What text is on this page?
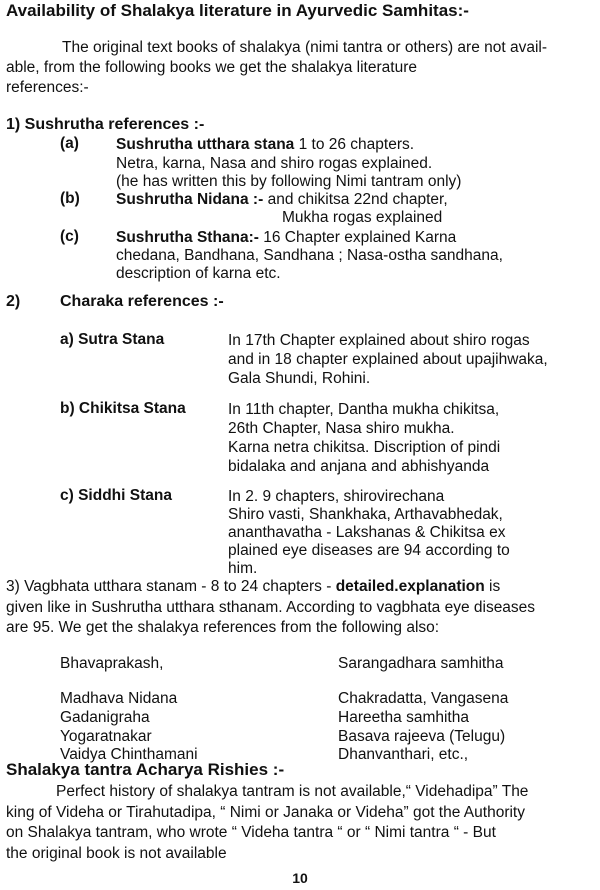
Availability of Shalakya literature in Ayurvedic Samhitas:-
The original text books of shalakya (nimi tantra or others) are not avail-
able, from the following books we get the shalakya literature
references:-
1) Sushrutha references :-
(a) Sushrutha utthara stana 1 to 26 chapters.
Netra, karna, Nasa and shiro rogas explained.
(he has written this by following Nimi tantram only)
(b) Sushrutha Nidana :- and chikitsa 22nd chapter,
Mukha rogas explained
(c) Sushrutha Sthana:- 16 Chapter explained Karna
chedana, Bandhana, Sandhana ; Nasa-ostha sandhana,
description of karna etc.
2) Charaka references :-
a) Sutra Stana	In 17th Chapter explained about shiro rogas
and in 18 chapter explained about upajihwaka,
Gala Shundi, Rohini.
b) Chikitsa Stana	In 11th chapter, Dantha mukha chikitsa,
26th Chapter, Nasa shiro mukha.
Karna netra chikitsa. Discription of pindi
bidalaka and anjana and abhishyanda
c) Siddhi Stana	In 2. 9 chapters, shirovirechana
Shiro vasti, Shankhaka, Arthavabhedak,
ananthavatha - Lakshanas & Chikitsa ex
plained eye diseases are 94 according to
him.
3) Vagbhata utthara stanam - 8 to 24 chapters - detailed.explanation is
given like in Sushrutha utthara sthanam. According to vagbhata eye diseases
are 95. We get the shalakya references from the following also:
Bhavaprakash,
Madhava Nidana
Gadanigraha
Yogaratnakar
Vaidya Chinthamani
Sarangadhara samhitha
Chakradatta, Vangasena
Hareetha samhitha
Basava rajeeva (Telugu)
Dhanvanthari, etc.,
Shalakya tantra Acharya Rishies :-
Perfect history of shalakya tantram is not available,“ Videhadipa” The
king of Videha or Tirahutadipa, “ Nimi or Janaka or Videha” got the Authority
on Shalakya tantram, who wrote “ Videha tantra “ or “ Nimi tantra “ - But
the original book is not available
10
